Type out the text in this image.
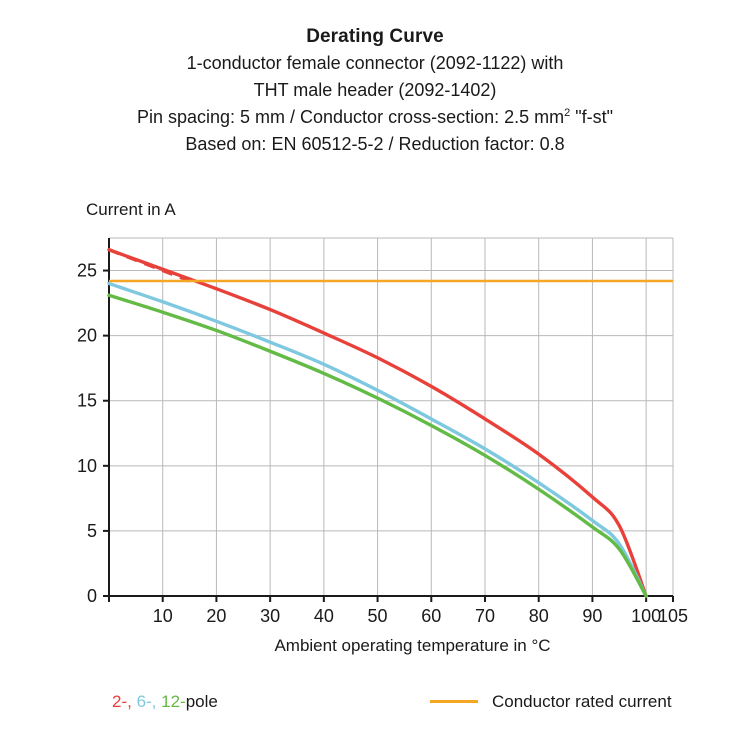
Derating Curve
1-conductor female connector (2092-1122) with
THT male header (2092-1402)
Pin spacing: 5 mm / Conductor cross-section: 2.5 $mm^2$ "f-st"
Based on: EN 60512-5-2 / Reduction factor: 0.8
Current in A
10 20 30 40 50 60 70 80 90 100
105
0
5
10
15
20
25
Ambient operating temperature in °C
2-, 6-, 12-pole	Conductor rated current
